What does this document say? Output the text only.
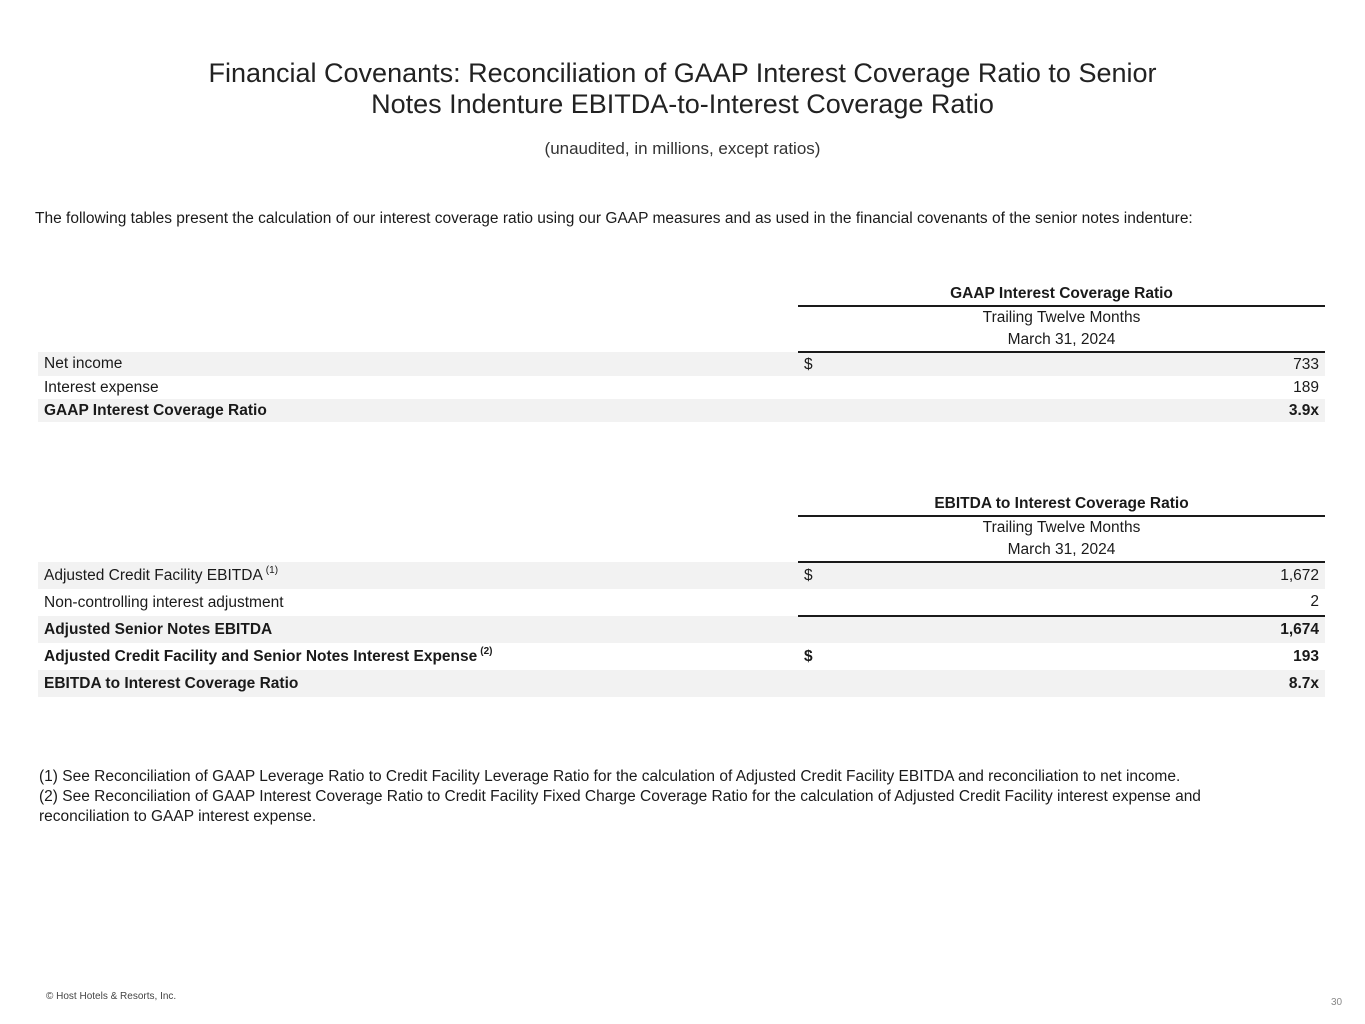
Financial Covenants: Reconciliation of GAAP Interest Coverage Ratio to Senior
Notes Indenture EBITDA-to-Interest Coverage Ratio
(unaudited, in millions, except ratios)
The following tables present the calculation of our interest coverage ratio using our GAAP measures and as used in the financial covenants of the senior notes indenture:
	GAAP Interest Coverage Ratio	
	Trailing Twelve Months	
	March 31, 2024	
Net income	$	733
Interest expense		189
GAAP Interest Coverage Ratio		3.9x
	EBITDA to Interest Coverage Ratio	
	Trailing Twelve Months	
	March 31, 2024	
Adjusted Credit Facility EBITDA $^{(1)}$	$	1,672
Non-controlling interest adjustment		2
Adjusted Senior Notes EBITDA		1,674
Adjusted Credit Facility and Senior Notes Interest Expense $^{(2)}$	$	193
EBITDA to Interest Coverage Ratio		8.7x
(1) See Reconciliation of GAAP Leverage Ratio to Credit Facility Leverage Ratio for the calculation of Adjusted Credit Facility EBITDA and reconciliation to net income.
(2) See Reconciliation of GAAP Interest Coverage Ratio to Credit Facility Fixed Charge Coverage Ratio for the calculation of Adjusted Credit Facility interest expense and reconciliation to GAAP interest expense.
© Host Hotels & Resorts, Inc.
30
